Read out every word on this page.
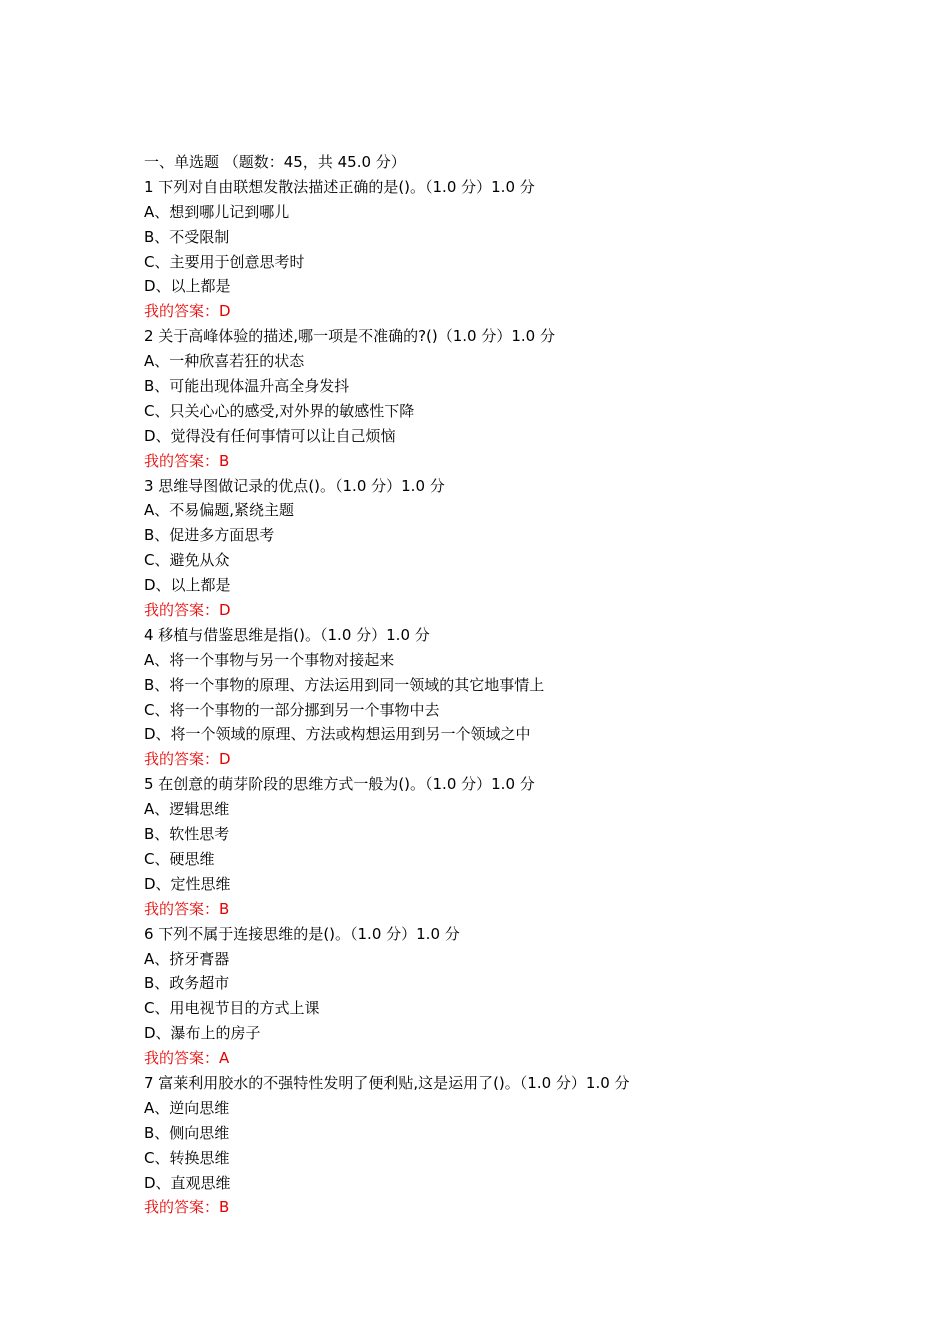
一、单选题 （题数：45，共 45.0 分）
1 下列对自由联想发散法描述正确的是()。（1.0 分）1.0 分
A、想到哪儿记到哪儿
B、不受限制
C、主要用于创意思考时
D、以上都是
我的答案：D
2 关于高峰体验的描述,哪一项是不准确的?()（1.0 分）1.0 分
A、一种欣喜若狂的状态
B、可能出现体温升高全身发抖
C、只关心心的感受,对外界的敏感性下降
D、觉得没有任何事情可以让自己烦恼
我的答案：B
3 思维导图做记录的优点()。（1.0 分）1.0 分
A、不易偏题,紧绕主题
B、促进多方面思考
C、避免从众
D、以上都是
我的答案：D
4 移植与借鉴思维是指()。（1.0 分）1.0 分
A、将一个事物与另一个事物对接起来
B、将一个事物的原理、方法运用到同一领域的其它地事情上
C、将一个事物的一部分挪到另一个事物中去
D、将一个领域的原理、方法或构想运用到另一个领域之中
我的答案：D
5 在创意的萌芽阶段的思维方式一般为()。（1.0 分）1.0 分
A、逻辑思维
B、软性思考
C、硬思维
D、定性思维
我的答案：B
6 下列不属于连接思维的是()。（1.0 分）1.0 分
A、挤牙膏器
B、政务超市
C、用电视节目的方式上课
D、瀑布上的房子
我的答案：A
7 富莱利用胶水的不强特性发明了便利贴,这是运用了()。（1.0 分）1.0 分
A、逆向思维
B、侧向思维
C、转换思维
D、直观思维
我的答案：B
